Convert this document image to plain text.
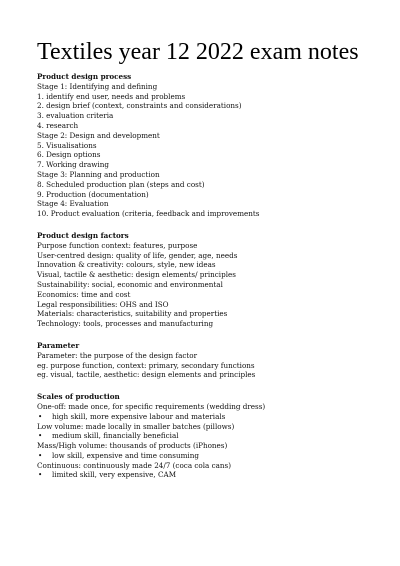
Textiles year 12 2022 exam notes
Product design process
Stage 1: Identifying and defining
1. identify end user, needs and problems
2. design brief (context, constraints and considerations)
3. evaluation criteria
4. research
Stage 2: Design and development
5. Visualisations
6. Design options
7. Working drawing
Stage 3: Planning and production
8. Scheduled production plan (steps and cost)
9. Production (documentation)
Stage 4: Evaluation
10. Product evaluation (criteria, feedback and improvements
Product design factors
Purpose function context: features, purpose
User-centred design: quality of life, gender, age, needs
Innovation & creativity: colours, style, new ideas
Visual, tactile & aesthetic: design elements/ principles
Sustainability: social, economic and environmental
Economics: time and cost
Legal responsibilities: OHS and ISO
Materials: characteristics, suitability and properties
Technology: tools, processes and manufacturing
Parameter
Parameter: the purpose of the design factor
eg. purpose function, context: primary, secondary functions
eg. visual, tactile, aesthetic: design elements and principles
Scales of production
One-off: made once, for specific requirements (wedding dress)
•	high skill, more expensive labour and materials
Low volume: made locally in smaller batches (pillows)
•	medium skill, financially beneficial
Mass/High volume: thousands of products (iPhones)
•	low skill, expensive and time consuming
Continuous: continuously made 24/7 (coca cola cans)
•	limited skill, very expensive, CAM
